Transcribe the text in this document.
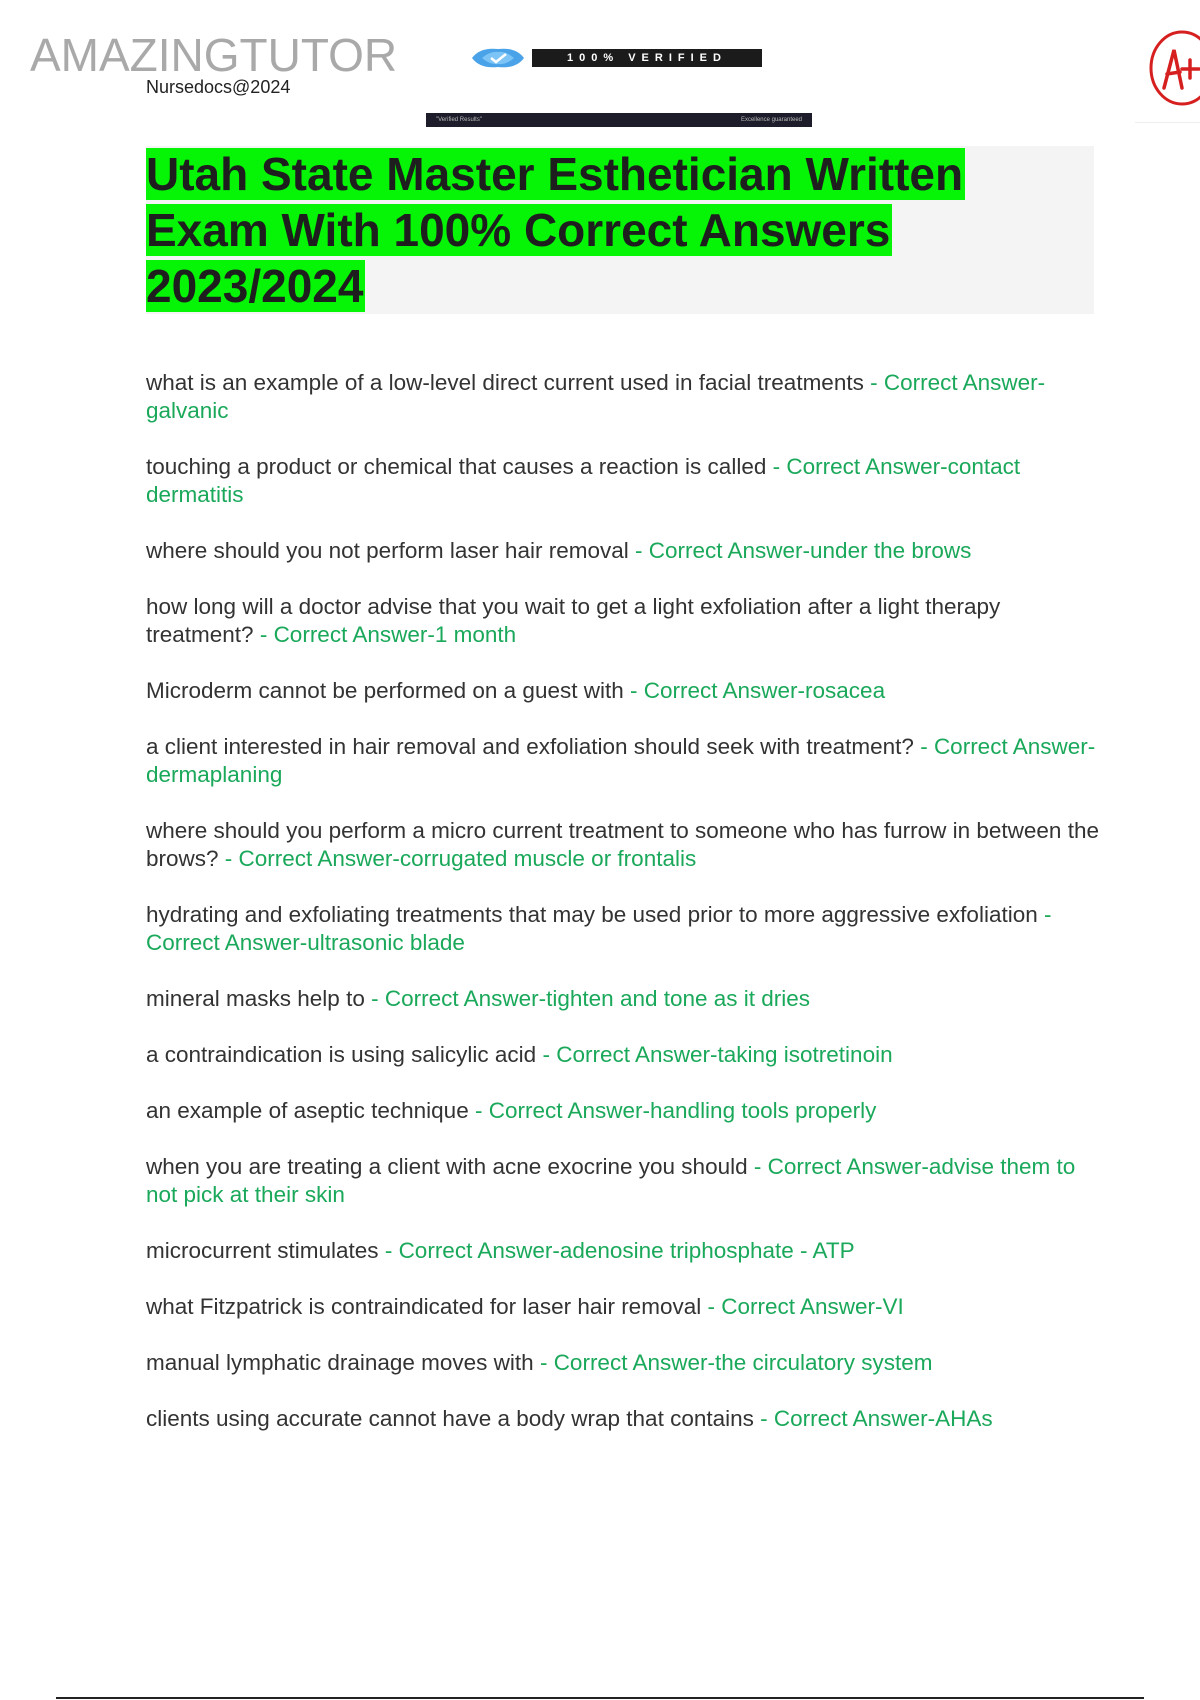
AMAZINGTUTOR
Nursedocs@2024
100% VERIFIED
"Verified Results"	Excellence guaranteed
Utah State Master Esthetician Written Exam With 100% Correct Answers 2023/2024

what is an example of a low-level direct current used in facial treatments - Correct Answer-galvanic

touching a product or chemical that causes a reaction is called - Correct Answer-contact dermatitis

where should you not perform laser hair removal - Correct Answer-under the brows

how long will a doctor advise that you wait to get a light exfoliation after a light therapy treatment? - Correct Answer-1 month

Microderm cannot be performed on a guest with - Correct Answer-rosacea

a client interested in hair removal and exfoliation should seek with treatment? - Correct Answer-dermaplaning

where should you perform a micro current treatment to someone who has furrow in between the brows? - Correct Answer-corrugated muscle or frontalis

hydrating and exfoliating treatments that may be used prior to more aggressive exfoliation - Correct Answer-ultrasonic blade

mineral masks help to - Correct Answer-tighten and tone as it dries

a contraindication is using salicylic acid - Correct Answer-taking isotretinoin

an example of aseptic technique - Correct Answer-handling tools properly

when you are treating a client with acne exocrine you should - Correct Answer-advise them to not pick at their skin

microcurrent stimulates - Correct Answer-adenosine triphosphate - ATP

what Fitzpatrick is contraindicated for laser hair removal - Correct Answer-VI

manual lymphatic drainage moves with - Correct Answer-the circulatory system

clients using accurate cannot have a body wrap that contains - Correct Answer-AHAs
